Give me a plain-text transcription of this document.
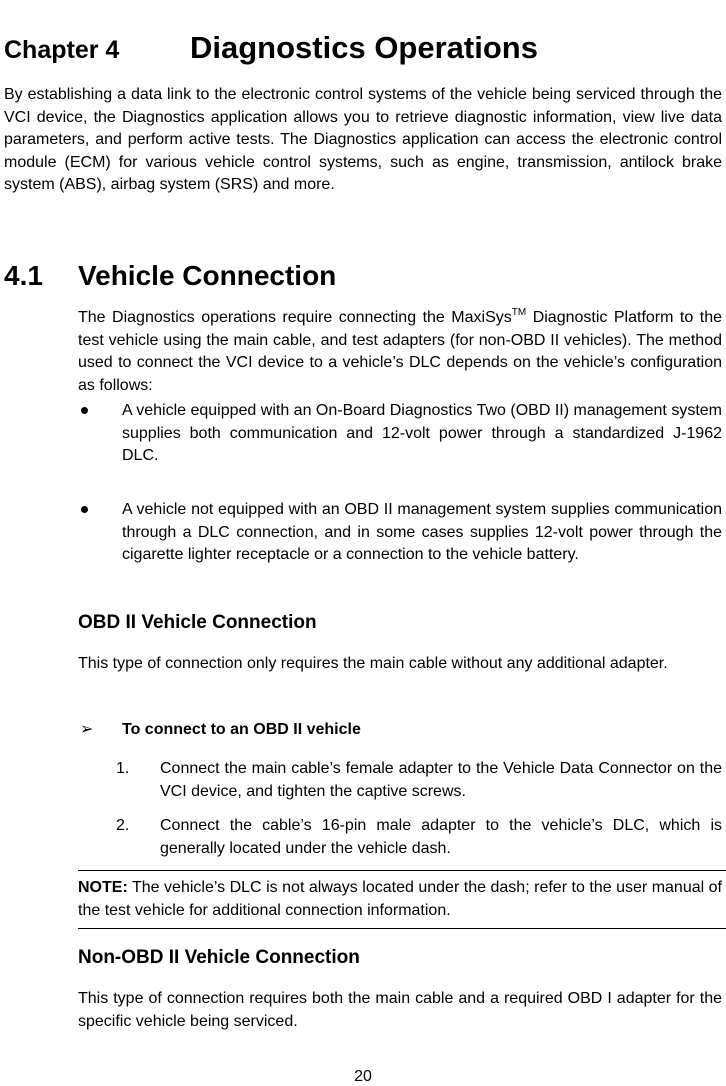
Chapter 4 Diagnostics Operations

By establishing a data link to the electronic control systems of the vehicle being serviced through the VCI device, the Diagnostics application allows you to retrieve diagnostic information, view live data parameters, and perform active tests. The Diagnostics application can access the electronic control module (ECM) for various vehicle control systems, such as engine, transmission, antilock brake system (ABS), airbag system (SRS) and more.

4.1 Vehicle Connection

The Diagnostics operations require connecting the MaxiSys™ Diagnostic Platform to the test vehicle using the main cable, and test adapters (for non-OBD II vehicles). The method used to connect the VCI device to a vehicle’s DLC depends on the vehicle’s configuration as follows:

A vehicle equipped with an On-Board Diagnostics Two (OBD II) management system supplies both communication and 12-volt power through a standardized J-1962 DLC.

A vehicle not equipped with an OBD II management system supplies communication through a DLC connection, and in some cases supplies 12-volt power through the cigarette lighter receptacle or a connection to the vehicle battery.

OBD II Vehicle Connection

This type of connection only requires the main cable without any additional adapter.

➢ To connect to an OBD II vehicle
1. Connect the main cable’s female adapter to the Vehicle Data Connector on the VCI device, and tighten the captive screws.

2. Connect the cable’s 16-pin male adapter to the vehicle’s DLC, which is generally located under the vehicle dash.

NOTE: The vehicle’s DLC is not always located under the dash; refer to the user manual of the test vehicle for additional connection information.

Non-OBD II Vehicle Connection

This type of connection requires both the main cable and a required OBD I adapter for the specific vehicle being serviced.

20
